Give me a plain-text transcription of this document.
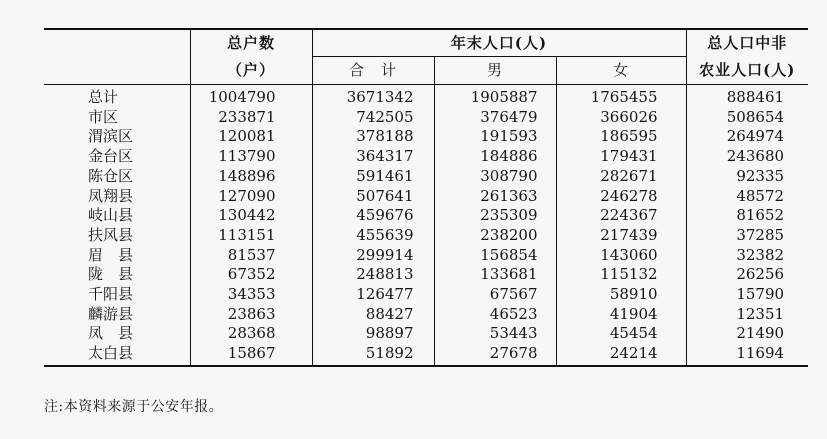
	总户数	年末人口(人)			总人口中非
	（户）	合　计	男	女	农业人口(人)
总计	1004790	3671342	1905887	1765455	888461
市区	233871	742505	376479	366026	508654
渭滨区	120081	378188	191593	186595	264974
金台区	113790	364317	184886	179431	243680
陈仓区	148896	591461	308790	282671	92335
凤翔县	127090	507641	261363	246278	48572
岐山县	130442	459676	235309	224367	81652
扶风县	113151	455639	238200	217439	37285
眉　县	81537	299914	156854	143060	32382
陇　县	67352	248813	133681	115132	26256
千阳县	34353	126477	67567	58910	15790
麟游县	23863	88427	46523	41904	12351
凤　县	28368	98897	53443	45454	21490
太白县	15867	51892	27678	24214	11694
注:本资料来源于公安年报。
